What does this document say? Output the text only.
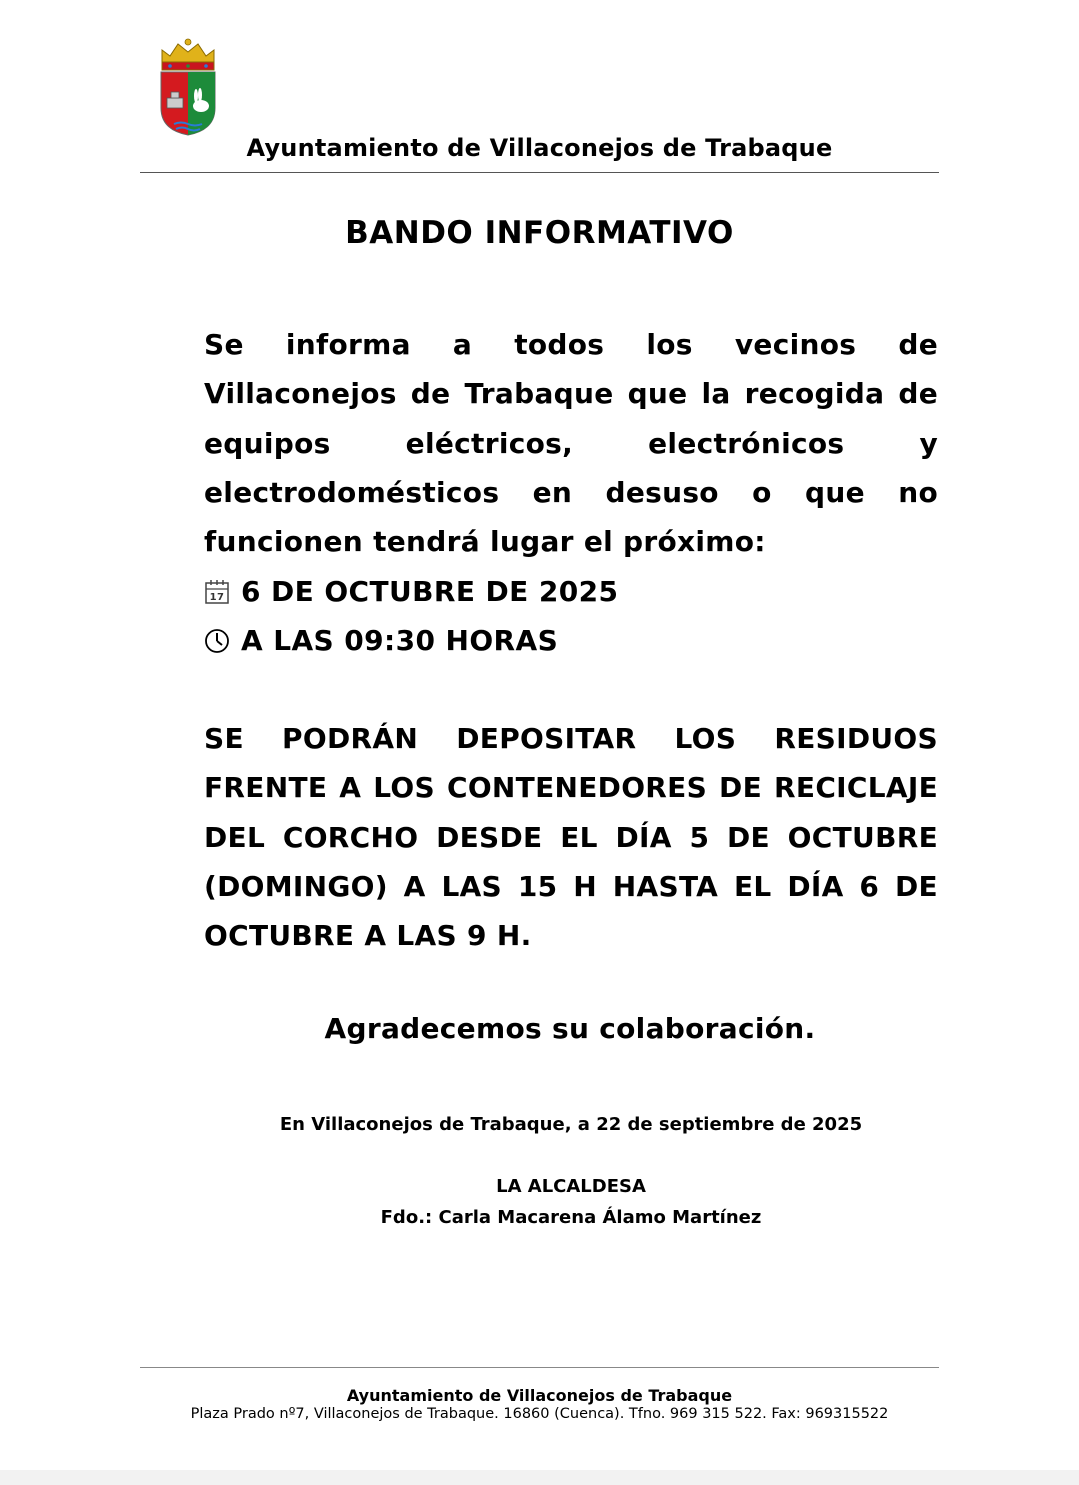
Ayuntamiento de Villaconejos de Trabaque
BANDO INFORMATIVO
Se informa a todos los vecinos de Villaconejos de Trabaque que la recogida de equipos eléctricos, electrónicos y electrodomésticos en desuso o que no funcionen tendrá lugar el próximo:
17 6 DE OCTUBRE DE 2025
A LAS 09:30 HORAS
SE PODRÁN DEPOSITAR LOS RESIDUOS FRENTE A LOS CONTENEDORES DE RECICLAJE DEL CORCHO DESDE EL DÍA 5 DE OCTUBRE (DOMINGO) A LAS 15 H HASTA EL DÍA 6 DE OCTUBRE A LAS 9 H.
Agradecemos su colaboración.
En Villaconejos de Trabaque, a 22 de septiembre de 2025
LA ALCALDESA
Fdo.: Carla Macarena Álamo Martínez
Ayuntamiento de Villaconejos de Trabaque
Plaza Prado nº7, Villaconejos de Trabaque. 16860 (Cuenca). Tfno. 969 315 522. Fax: 969315522
